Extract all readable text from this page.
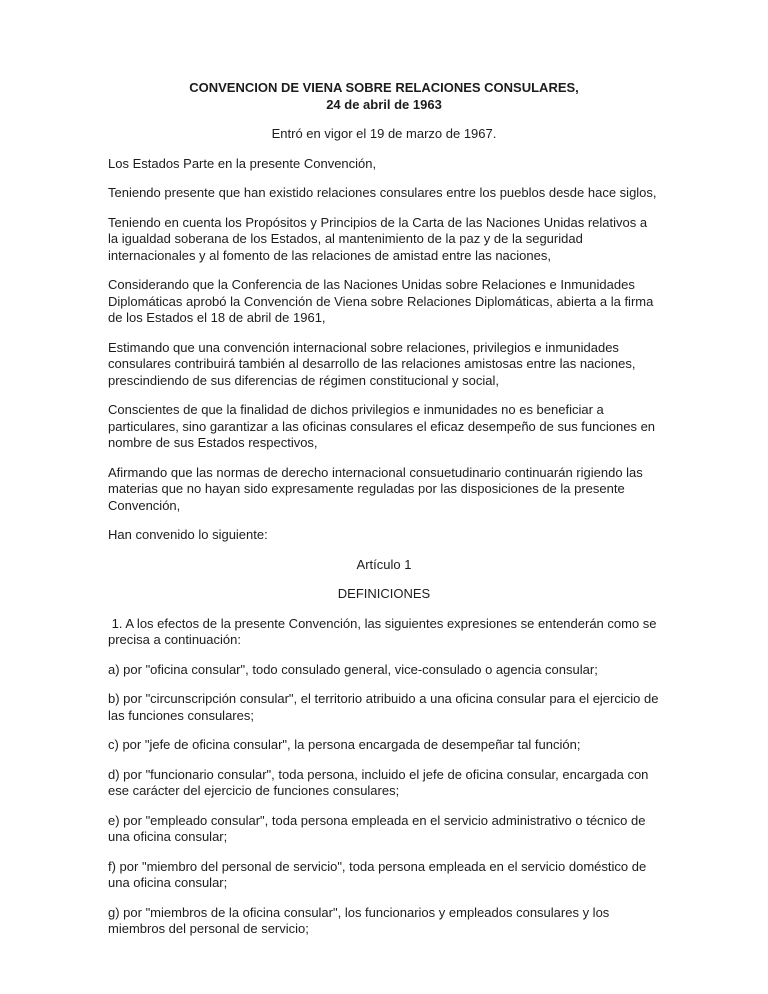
CONVENCION DE VIENA SOBRE RELACIONES CONSULARES,
24 de abril de 1963

Entró en vigor el 19 de marzo de 1967.

Los Estados Parte en la presente Convención,

Teniendo presente que han existido relaciones consulares entre los pueblos desde hace siglos,

Teniendo en cuenta los Propósitos y Principios de la Carta de las Naciones Unidas relativos a la igualdad soberana de los Estados, al mantenimiento de la paz y de la seguridad internacionales y al fomento de las relaciones de amistad entre las naciones,

Considerando que la Conferencia de las Naciones Unidas sobre Relaciones e Inmunidades Diplomáticas aprobó la Convención de Viena sobre Relaciones Diplomáticas, abierta a la firma de los Estados el 18 de abril de 1961,

Estimando que una convención internacional sobre relaciones, privilegios e inmunidades consulares contribuirá también al desarrollo de las relaciones amistosas entre las naciones, prescindiendo de sus diferencias de régimen constitucional y social,

Conscientes de que la finalidad de dichos privilegios e inmunidades no es beneficiar a particulares, sino garantizar a las oficinas consulares el eficaz desempeño de sus funciones en nombre de sus Estados respectivos,

Afirmando que las normas de derecho internacional consuetudinario continuarán rigiendo las materias que no hayan sido expresamente reguladas por las disposiciones de la presente Convención,

Han convenido lo siguiente:

Artículo 1

DEFINICIONES

1. A los efectos de la presente Convención, las siguientes expresiones se entenderán como se precisa a continuación:

a) por "oficina consular", todo consulado general, vice-consulado o agencia consular;

b) por "circunscripción consular", el territorio atribuido a una oficina consular para el ejercicio de las funciones consulares;

c) por "jefe de oficina consular", la persona encargada de desempeñar tal función;

d) por "funcionario consular", toda persona, incluido el jefe de oficina consular, encargada con ese carácter del ejercicio de funciones consulares;

e) por "empleado consular", toda persona empleada en el servicio administrativo o técnico de una oficina consular;

f) por "miembro del personal de servicio", toda persona empleada en el servicio doméstico de una oficina consular;

g) por "miembros de la oficina consular", los funcionarios y empleados consulares y los miembros del personal de servicio;
